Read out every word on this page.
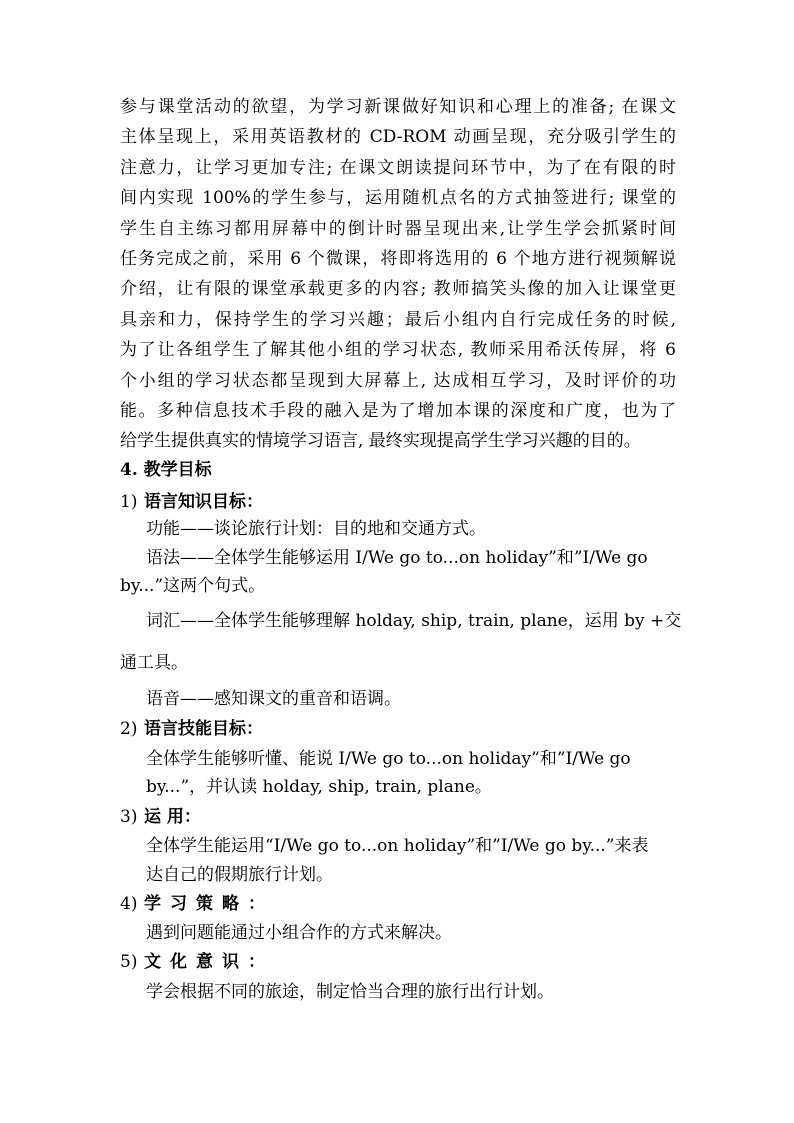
参与课堂活动的欲望，为学习新课做好知识和心理上的准备; 在课文
主体呈现上，采用英语教材的 CD-ROM 动画呈现，充分吸引学生的
注意力，让学习更加专注; 在课文朗读提问环节中，为了在有限的时
间内实现 100%的学生参与，运用随机点名的方式抽签进行; 课堂的
学生自主练习都用屏幕中的倒计时器呈现出来,让学生学会抓紧时间
任务完成之前，采用 6 个微课，将即将选用的 6 个地方进行视频解说
介绍，让有限的课堂承载更多的内容; 教师搞笑头像的加入让课堂更
具亲和力，保持学生的学习兴趣；最后小组内自行完成任务的时候,
为了让各组学生了解其他小组的学习状态, 教师采用希沃传屏，将 6
个小组的学习状态都呈现到大屏幕上, 达成相互学习，及时评价的功
能。多种信息技术手段的融入是为了增加本课的深度和广度，也为了
给学生提供真实的情境学习语言, 最终实现提高学生学习兴趣的目的。
4. 教学目标
1) 语言知识目标：
功能——谈论旅行计划：目的地和交通方式。
语法——全体学生能够运用 I/We go to...on holiday”和”I/We go
by...”这两个句式。
词汇——全体学生能够理解 holday, ship, train, plane，运用 by +交
通工具。
语音——感知课文的重音和语调。
2) 语言技能目标：
全体学生能够听懂、能说 I/We go to...on holiday”和”I/We go
by...”，并认读 holday, ship, train, plane。
3) 运 用：
全体学生能运用“I/We go to...on holiday”和”I/We go by...”来表
达自己的假期旅行计划。
4) 学习策略：
遇到问题能通过小组合作的方式来解决。
5) 文化意识：
学会根据不同的旅途，制定恰当合理的旅行出行计划。
